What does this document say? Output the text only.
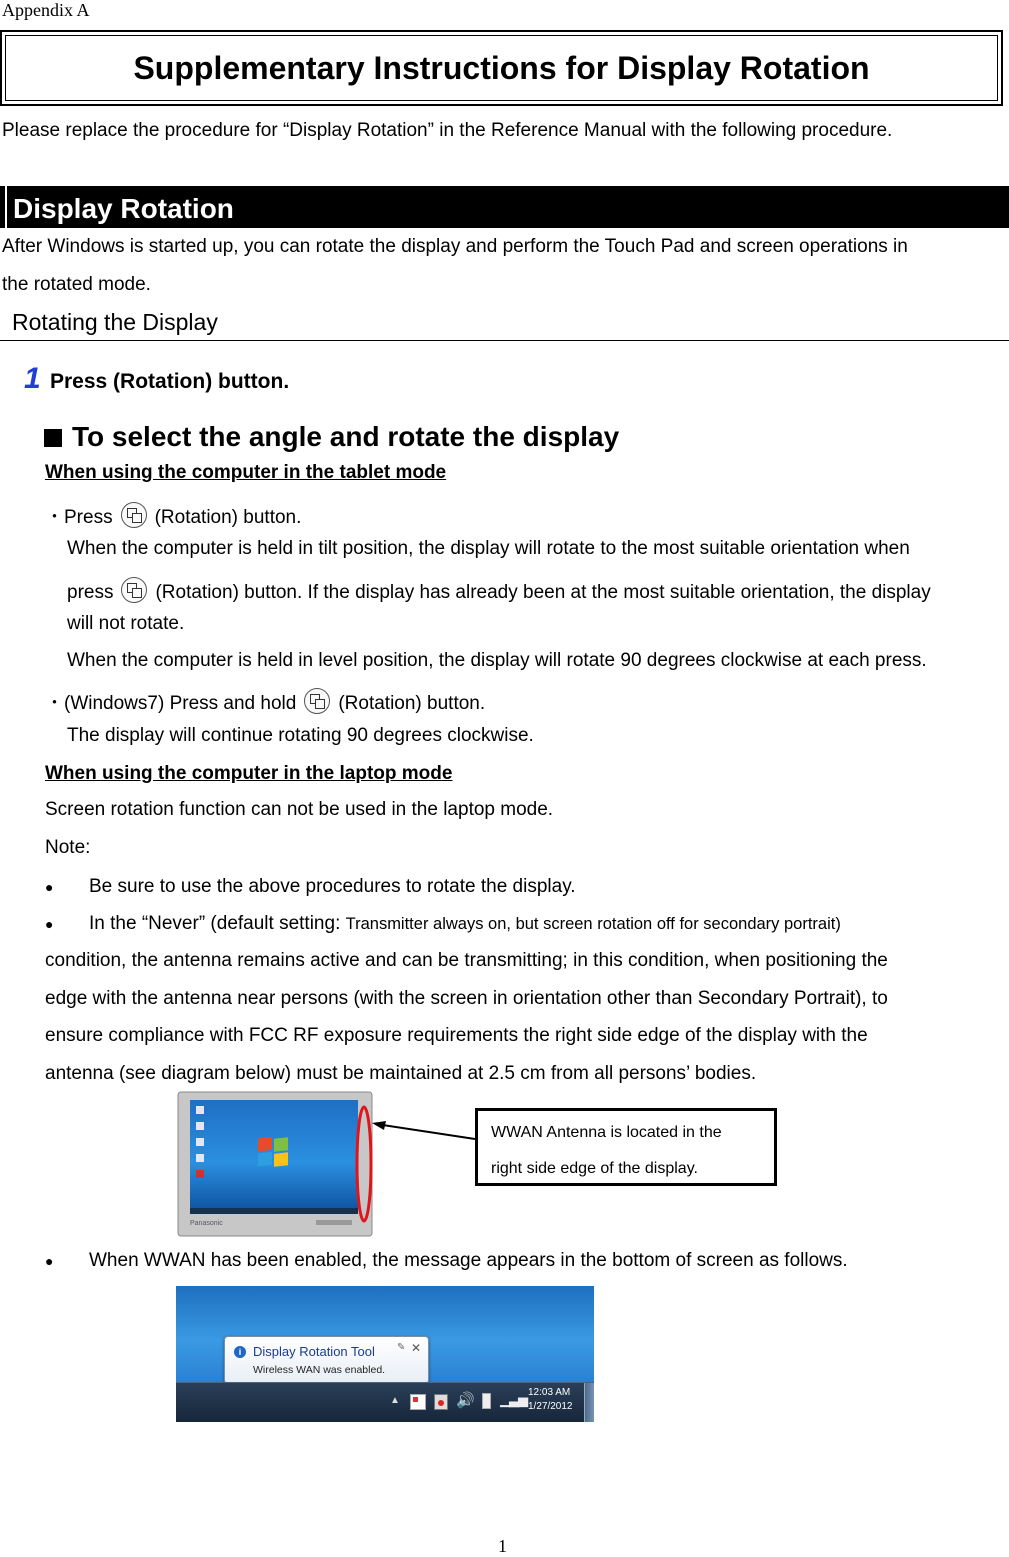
Appendix A
Supplementary Instructions for Display Rotation
Please replace the procedure for “Display Rotation” in the Reference Manual with the following procedure.
Display Rotation
After Windows is started up, you can rotate the display and perform the Touch Pad and screen operations in
the rotated mode.
Rotating the Display
1 Press (Rotation) button.
To select the angle and rotate the display
When using the computer in the tablet mode
・Press (Rotation) button.
When the computer is held in tilt position, the display will rotate to the most suitable orientation when
press (Rotation) button. If the display has already been at the most suitable orientation, the display
will not rotate.
When the computer is held in level position, the display will rotate 90 degrees clockwise at each press.
・(Windows7) Press and hold (Rotation) button.
The display will continue rotating 90 degrees clockwise.
When using the computer in the laptop mode
Screen rotation function can not be used in the laptop mode.
Note:
● Be sure to use the above procedures to rotate the display.
● In the “Never” (default setting: Transmitter always on, but screen rotation off for secondary portrait)
condition, the antenna remains active and can be transmitting; in this condition, when positioning the
edge with the antenna near persons (with the screen in orientation other than Secondary Portrait), to
ensure compliance with FCC RF exposure requirements the right side edge of the display with the
antenna (see diagram below) must be maintained at 2.5 cm from all persons’ bodies.
Panasonic
WWAN Antenna is located in the
right side edge of the display.
● When WWAN has been enabled, the message appears in the bottom of screen as follows.
i Display Rotation Tool ✎ ✕
Wireless WAN was enabled.
▲	🔊 ▁▃▅ 12:03 AM
1/27/2012
1
